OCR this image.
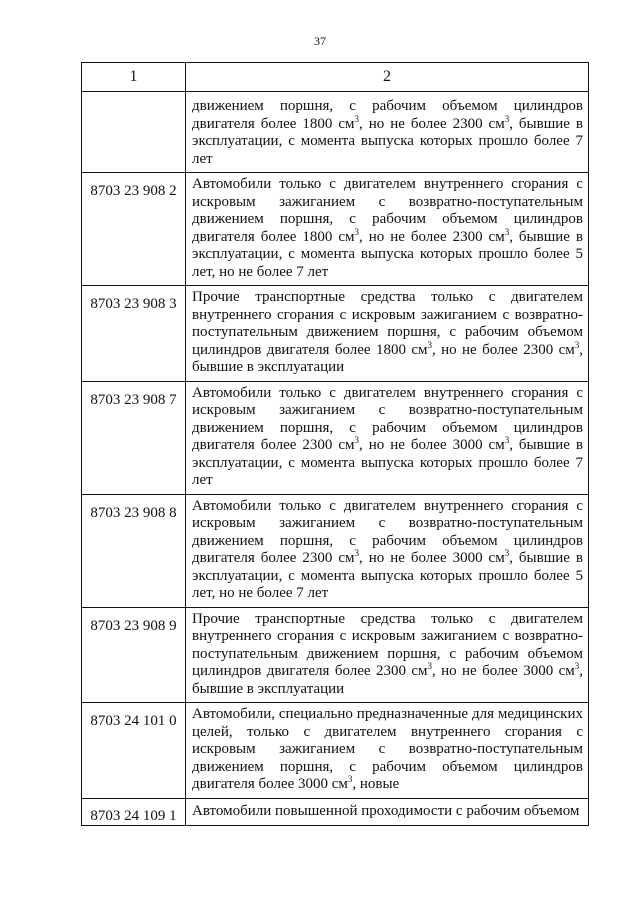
37
1	2
	движением поршня, с рабочим объемом цилиндров двигателя более 1800 $см^3$, но не более 2300 $см^3$, бывшие в эксплуатации, с момента выпуска которых прошло более 7 лет
8703 23 908 2	Автомобили только с двигателем внутреннего сгорания с искровым зажиганием с возвратно-поступательным движением поршня, с рабочим объемом цилиндров двигателя более 1800 $см^3$, но не более 2300 $см^3$, бывшие в эксплуатации, с момента выпуска которых прошло более 5 лет, но не более 7 лет
8703 23 908 3	Прочие транспортные средства только с двигателем внутреннего сгорания с искровым зажиганием с возвратно-поступательным движением поршня, с рабочим объемом цилиндров двигателя более 1800 $см^3$, но не более 2300 $см^3$, бывшие в эксплуатации
8703 23 908 7	Автомобили только с двигателем внутреннего сгорания с искровым зажиганием с возвратно-поступательным движением поршня, с рабочим объемом цилиндров двигателя более 2300 $см^3$, но не более 3000 $см^3$, бывшие в эксплуатации, с момента выпуска которых прошло более 7 лет
8703 23 908 8	Автомобили только с двигателем внутреннего сгорания с искровым зажиганием с возвратно-поступательным движением поршня, с рабочим объемом цилиндров двигателя более 2300 $см^3$, но не более 3000 $см^3$, бывшие в эксплуатации, с момента выпуска которых прошло более 5 лет, но не более 7 лет
8703 23 908 9	Прочие транспортные средства только с двигателем внутреннего сгорания с искровым зажиганием с возвратно-поступательным движением поршня, с рабочим объемом цилиндров двигателя более 2300 $см^3$, но не более 3000 $см^3$, бывшие в эксплуатации
8703 24 101 0	Автомобили, специально предназначенные для медицинских целей, только с двигателем внутреннего сгорания с искровым зажиганием с возвратно-поступательным движением поршня, с рабочим объемом цилиндров двигателя более 3000 $см^3$, новые
8703 24 109 1	Автомобили повышенной проходимости с рабочим объемом
